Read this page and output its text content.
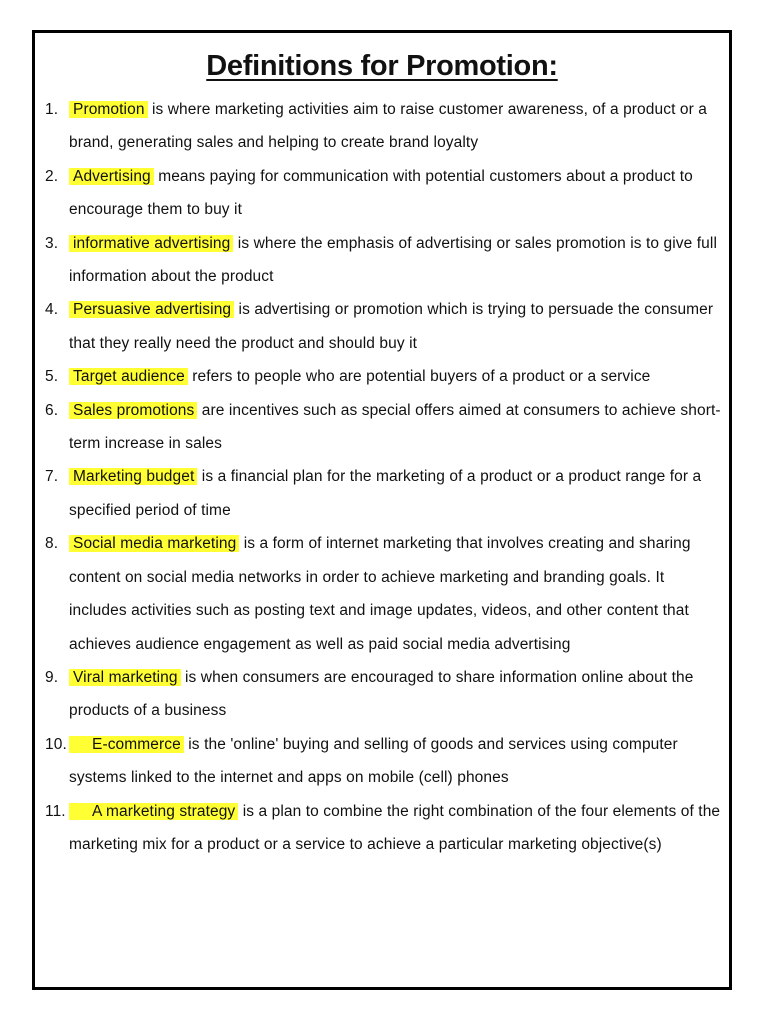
Definitions for Promotion:
1. Promotion is where marketing activities aim to raise customer awareness, of a product or a brand, generating sales and helping to create brand loyalty
2. Advertising means paying for communication with potential customers about a product to encourage them to buy it
3. informative advertising is where the emphasis of advertising or sales promotion is to give full information about the product
4. Persuasive advertising is advertising or promotion which is trying to persuade the consumer that they really need the product and should buy it
5. Target audience refers to people who are potential buyers of a product or a service
6. Sales promotions are incentives such as special offers aimed at consumers to achieve short-term increase in sales
7. Marketing budget is a financial plan for the marketing of a product or a product range for a specified period of time
8. Social media marketing is a form of internet marketing that involves creating and sharing content on social media networks in order to achieve marketing and branding goals. It includes activities such as posting text and image updates, videos, and other content that achieves audience engagement as well as paid social media advertising
9. Viral marketing is when consumers are encouraged to share information online about the products of a business
10. E-commerce is the 'online' buying and selling of goods and services using computer systems linked to the internet and apps on mobile (cell) phones
11. A marketing strategy is a plan to combine the right combination of the four elements of the marketing mix for a product or a service to achieve a particular marketing objective(s)
